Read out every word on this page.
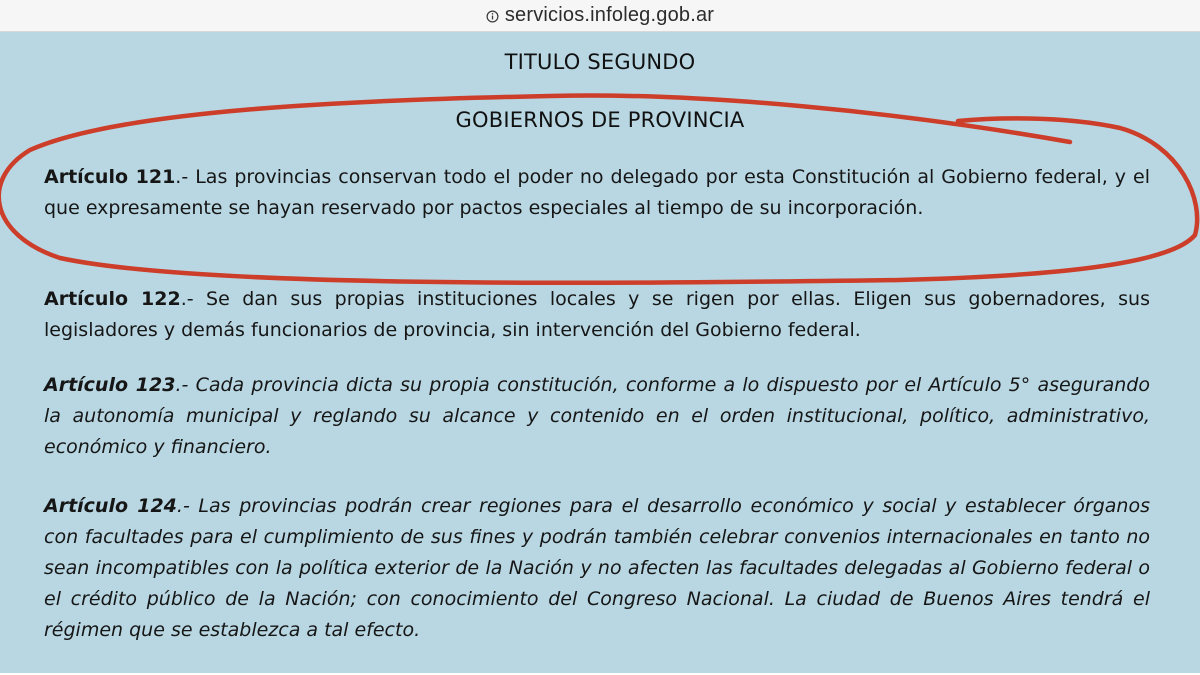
servicios.infoleg.gob.ar
TITULO SEGUNDO
GOBIERNOS DE PROVINCIA

Artículo 121.- Las provincias conservan todo el poder no delegado por esta Constitución al Gobierno federal, y el que expresamente se hayan reservado por pactos especiales al tiempo de su incorporación.

Artículo 122.- Se dan sus propias instituciones locales y se rigen por ellas. Eligen sus gobernadores, sus legisladores y demás funcionarios de provincia, sin intervención del Gobierno federal.

Artículo 123.- Cada provincia dicta su propia constitución, conforme a lo dispuesto por el Artículo 5° asegurando la autonomía municipal y reglando su alcance y contenido en el orden institucional, político, administrativo, económico y financiero.

Artículo 124.- Las provincias podrán crear regiones para el desarrollo económico y social y establecer órganos con facultades para el cumplimiento de sus fines y podrán también celebrar convenios internacionales en tanto no sean incompatibles con la política exterior de la Nación y no afecten las facultades delegadas al Gobierno federal o el crédito público de la Nación; con conocimiento del Congreso Nacional. La ciudad de Buenos Aires tendrá el régimen que se establezca a tal efecto.
